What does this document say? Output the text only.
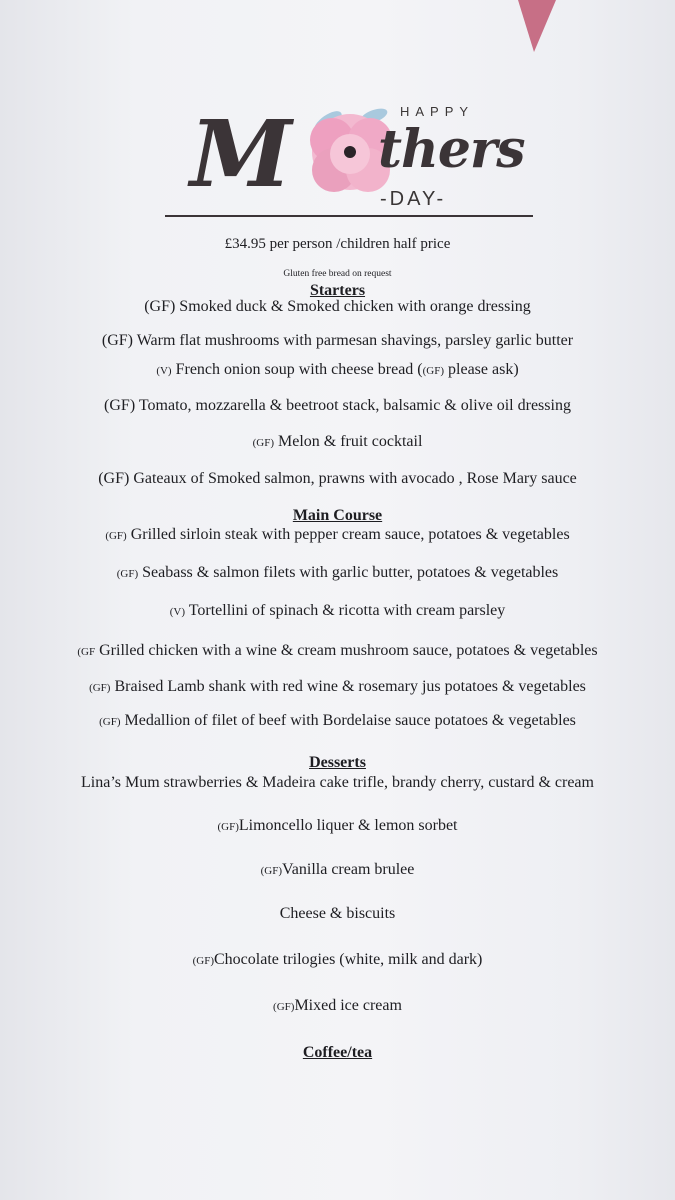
HAPPY
M thers
-DAY-
£34.95 per person /children half price
Gluten free bread on request
Starters
(GF) Smoked duck & Smoked chicken with orange dressing
(GF) Warm flat mushrooms with parmesan shavings, parsley garlic butter
(V) French onion soup with cheese bread ((GF) please ask)
(GF) Tomato, mozzarella & beetroot stack, balsamic & olive oil dressing
(GF) Melon & fruit cocktail
(GF) Gateaux of Smoked salmon, prawns with avocado , Rose Mary sauce
Main Course
(GF) Grilled sirloin steak with pepper cream sauce, potatoes & vegetables
(GF) Seabass & salmon filets with garlic butter, potatoes & vegetables
(V) Tortellini of spinach & ricotta with cream parsley
(GF Grilled chicken with a wine & cream mushroom sauce, potatoes & vegetables
(GF) Braised Lamb shank with red wine & rosemary jus potatoes & vegetables
(GF) Medallion of filet of beef with Bordelaise sauce potatoes & vegetables
Desserts
Lina’s Mum strawberries & Madeira cake trifle, brandy cherry, custard & cream
(GF)Limoncello liquer & lemon sorbet
(GF)Vanilla cream brulee
Cheese & biscuits
(GF)Chocolate trilogies (white, milk and dark)
(GF)Mixed ice cream
Coffee/tea
